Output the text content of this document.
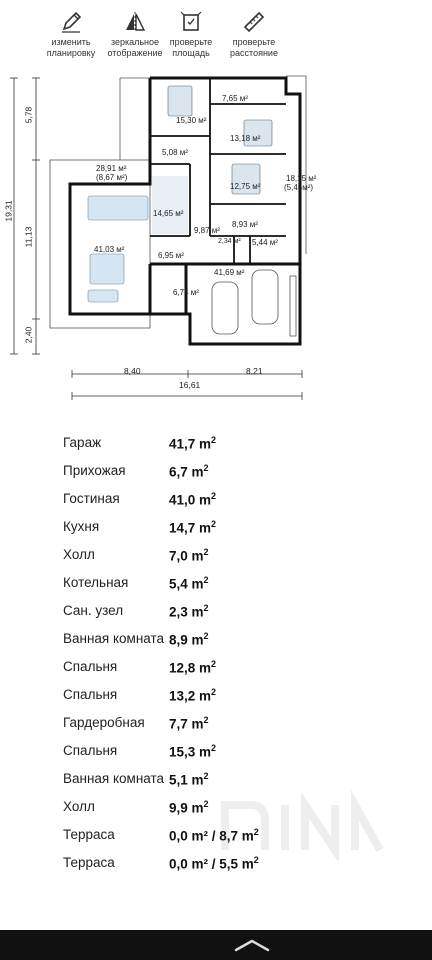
изменить
планировку
зеркальное
отображение
проверьте
площадь
проверьте
расстояние
19,31
5,78
11,13
2,40
8,40	8,21
16,61
15,30 м²
7,65 м²
13,18 м²
5,08 м²
28,91 м²
(8,67 м²)
14,65 м²
12,75 м²
18,15 м²
(5,45м²)
41,03 м²
9,87 м²
8,93 м²
6,95 м²
2,34 м² 5,44 м²
41,69 м²
6,74 м²
Гараж	41,7 $m^2$
Прихожая	6,7 $m^2$
Гостиная	41,0 $m^2$
Кухня	14,7 $m^2$
Холл	7,0 $m^2$
Котельная	5,4 $m^2$
Сан. узел	2,3 $m^2$
Ванная комната 8,9 $m^2$
Спальня	12,8 $m^2$
Спальня	13,2 $m^2$
Гардеробная 7,7 $m^2$
Спальня	15,3 $m^2$
Ванная комната 5,1 $m^2$
Холл	9,9 $m^2$
Терраса	0,0 m² / 8,7 $m^2$
Терраса	0,0 m² / 5,5 $m^2$
